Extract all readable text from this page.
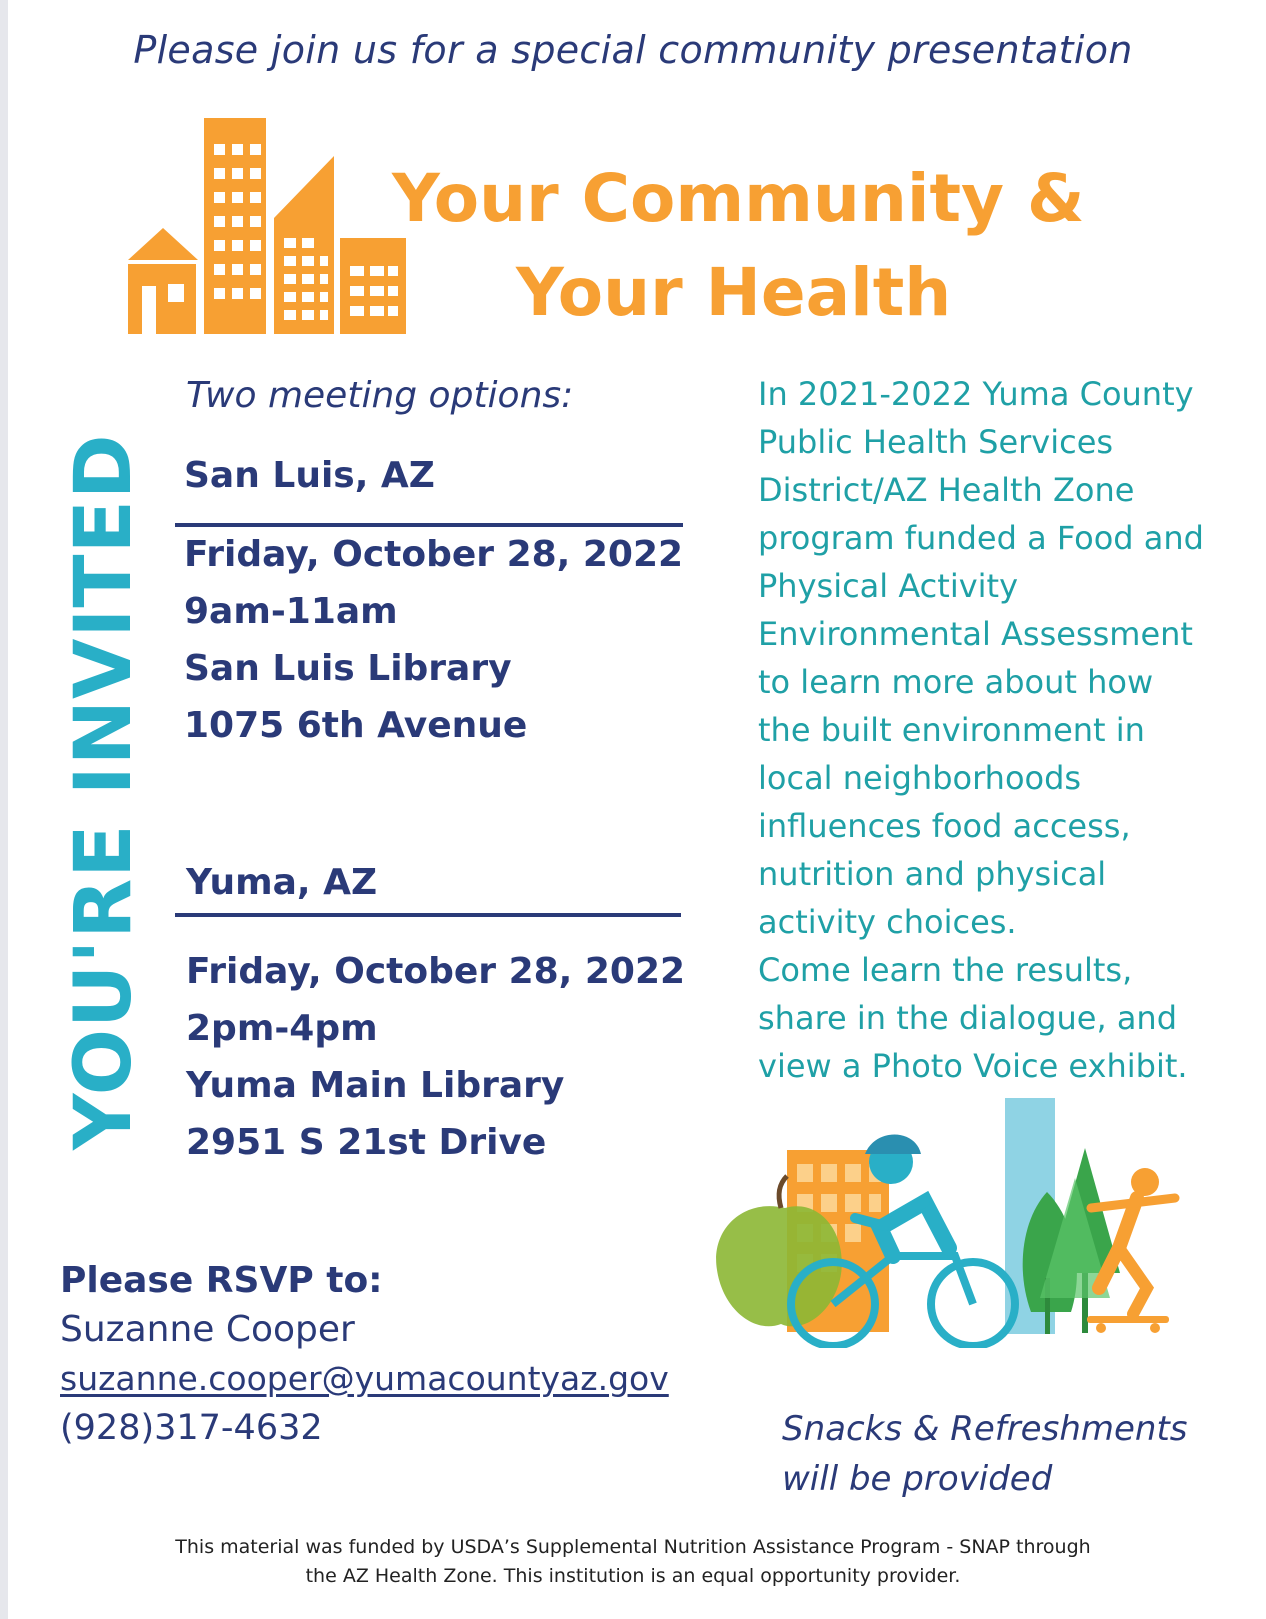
Please join us for a special community presentation
Your Community &
Your Health
YOU'RE INVITED
Two meeting options:
San Luis, AZ
Friday, October 28, 2022
9am-11am
San Luis Library
1075 6th Avenue
Yuma, AZ
Friday, October 28, 2022
2pm-4pm
Yuma Main Library
2951 S 21st Drive
In 2021-2022 Yuma County
Public Health Services
District/AZ Health Zone
program funded a Food and
Physical Activity
Environmental Assessment
to learn more about how
the built environment in
local neighborhoods
influences food access,
nutrition and physical
activity choices.
Come learn the results,
share in the dialogue, and
view a Photo Voice exhibit.
Please RSVP to:
Suzanne Cooper
suzanne.cooper@yumacountyaz.gov
(928)317-4632	Snacks & Refreshments
will be provided
This material was funded by USDA’s Supplemental Nutrition Assistance Program - SNAP through
the AZ Health Zone. This institution is an equal opportunity provider.
